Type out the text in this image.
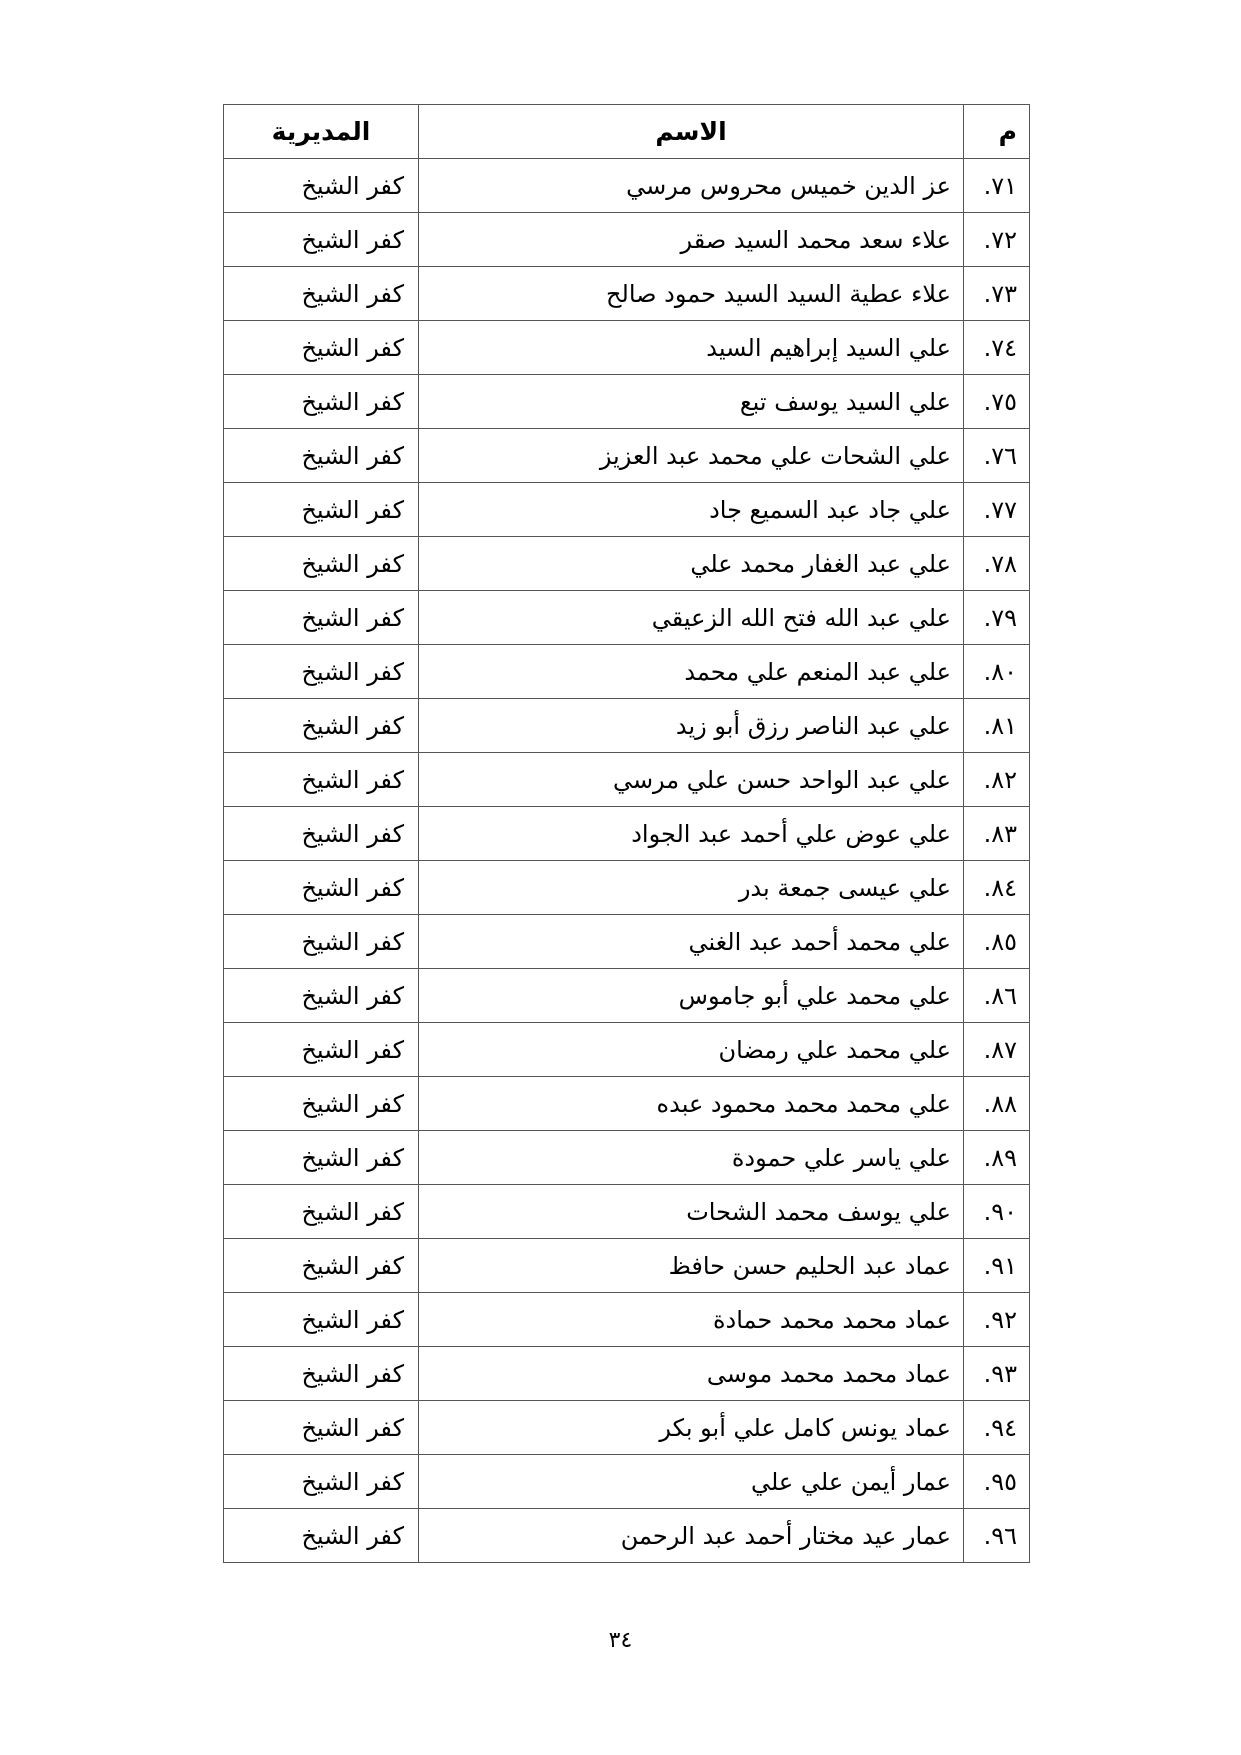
م	الاسم	المديرية
٧١.	عز الدين خميس محروس مرسي	كفر الشيخ
٧٢.	علاء سعد محمد السيد صقر	كفر الشيخ
٧٣.	علاء عطية السيد السيد حمود صالح	كفر الشيخ
٧٤.	علي السيد إبراهيم السيد	كفر الشيخ
٧٥.	علي السيد يوسف تبع	كفر الشيخ
٧٦.	علي الشحات علي محمد عبد العزيز	كفر الشيخ
٧٧.	علي جاد عبد السميع جاد	كفر الشيخ
٧٨.	علي عبد الغفار محمد علي	كفر الشيخ
٧٩.	علي عبد الله فتح الله الزعيقي	كفر الشيخ
٨٠.	علي عبد المنعم علي محمد	كفر الشيخ
٨١.	علي عبد الناصر رزق أبو زيد	كفر الشيخ
٨٢.	علي عبد الواحد حسن علي مرسي	كفر الشيخ
٨٣.	علي عوض علي أحمد عبد الجواد	كفر الشيخ
٨٤.	علي عيسى جمعة بدر	كفر الشيخ
٨٥.	علي محمد أحمد عبد الغني	كفر الشيخ
٨٦.	علي محمد علي أبو جاموس	كفر الشيخ
٨٧.	علي محمد علي رمضان	كفر الشيخ
٨٨.	علي محمد محمد محمود عبده	كفر الشيخ
٨٩.	علي ياسر علي حمودة	كفر الشيخ
٩٠.	علي يوسف محمد الشحات	كفر الشيخ
٩١.	عماد عبد الحليم حسن حافظ	كفر الشيخ
٩٢.	عماد محمد محمد حمادة	كفر الشيخ
٩٣.	عماد محمد محمد موسى	كفر الشيخ
٩٤.	عماد يونس كامل علي أبو بكر	كفر الشيخ
٩٥.	عمار أيمن علي علي	كفر الشيخ
٩٦.	عمار عيد مختار أحمد عبد الرحمن	كفر الشيخ
٣٤
